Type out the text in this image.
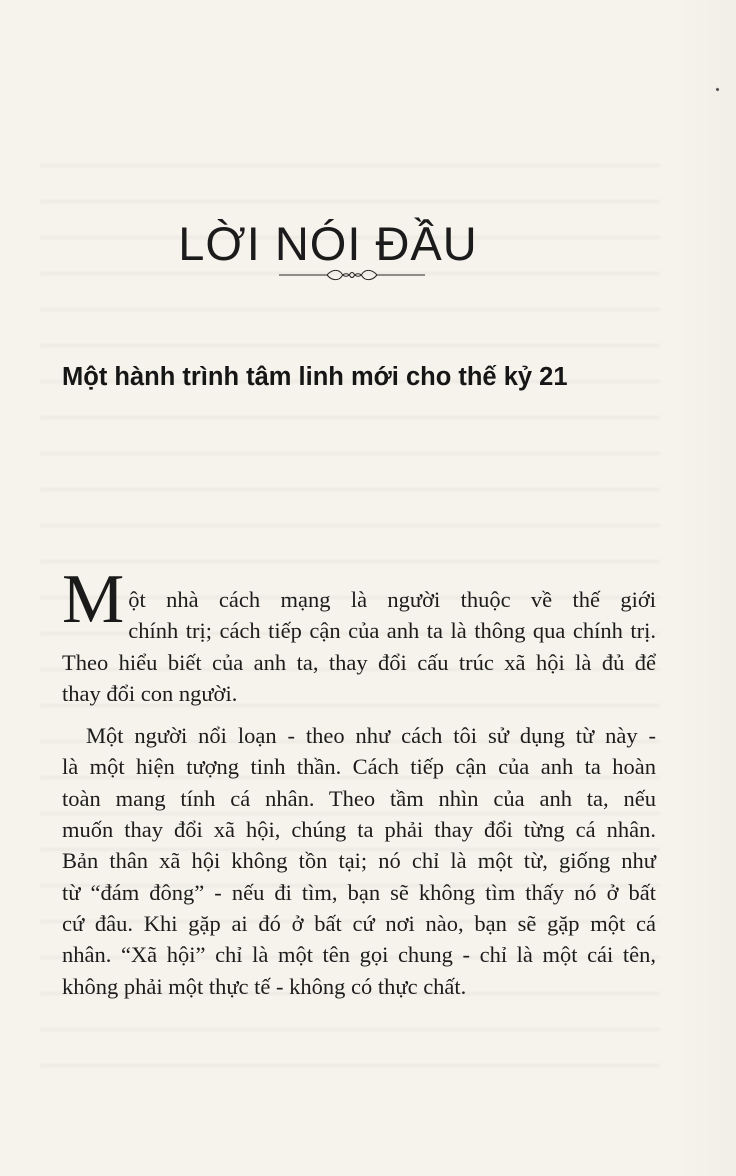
LỜI NÓI ĐẦU
Một hành trình tâm linh mới cho thế kỷ 21

M ột nhà cách mạng là người thuộc về thế giới
chính trị; cách tiếp cận của anh ta là thông qua chính trị.
Theo hiểu biết của anh ta, thay đổi cấu trúc xã hội là đủ để
thay đổi con người.

Một người nổi loạn - theo như cách tôi sử dụng từ này -
là một hiện tượng tinh thần. Cách tiếp cận của anh ta hoàn
toàn mang tính cá nhân. Theo tầm nhìn của anh ta, nếu
muốn thay đổi xã hội, chúng ta phải thay đổi từng cá nhân.
Bản thân xã hội không tồn tại; nó chỉ là một từ, giống như
từ “đám đông” - nếu đi tìm, bạn sẽ không tìm thấy nó ở bất
cứ đâu. Khi gặp ai đó ở bất cứ nơi nào, bạn sẽ gặp một cá
nhân. “Xã hội” chỉ là một tên gọi chung - chỉ là một cái tên,
không phải một thực tế - không có thực chất.
